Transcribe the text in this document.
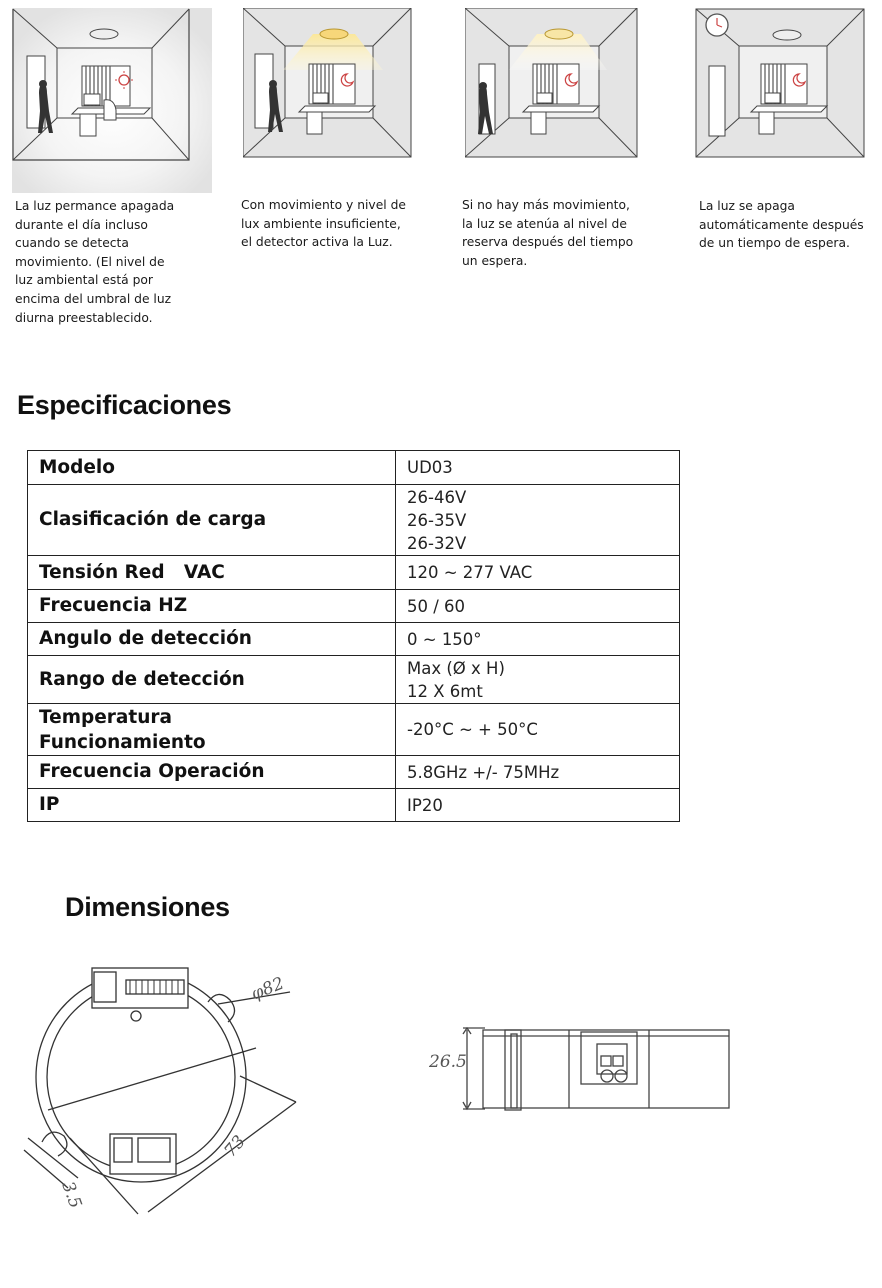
La luz permance apagada
durante el día incluso
cuando se detecta
movimiento. (El nivel de
luz ambiental está por
encima del umbral de luz
diurna preestablecido.
Con movimiento y nivel de
lux ambiente insuficiente,
el detector activa la Luz.
Si no hay más movimiento,
la luz se atenúa al nivel de
reserva después del tiempo
un espera.
La luz se apaga
automáticamente después
de un tiempo de espera.
Especificaciones
Modelo	UD03

Clasificación de carga	26-46V
26-35V
26-32V

Tensión Red   VAC	120 ~ 277 VAC

Frecuencia HZ	50 / 60

Angulo de detección	0 ~ 150°

Rango de detección	Max (Ø x H)
12 X 6mt

Temperatura
Funcionamiento	-20°C ~ + 50°C

Frecuencia Operación	5.8GHz +/- 75MHz

IP	IP20
Dimensiones
φ82
3.5
73
26.5
